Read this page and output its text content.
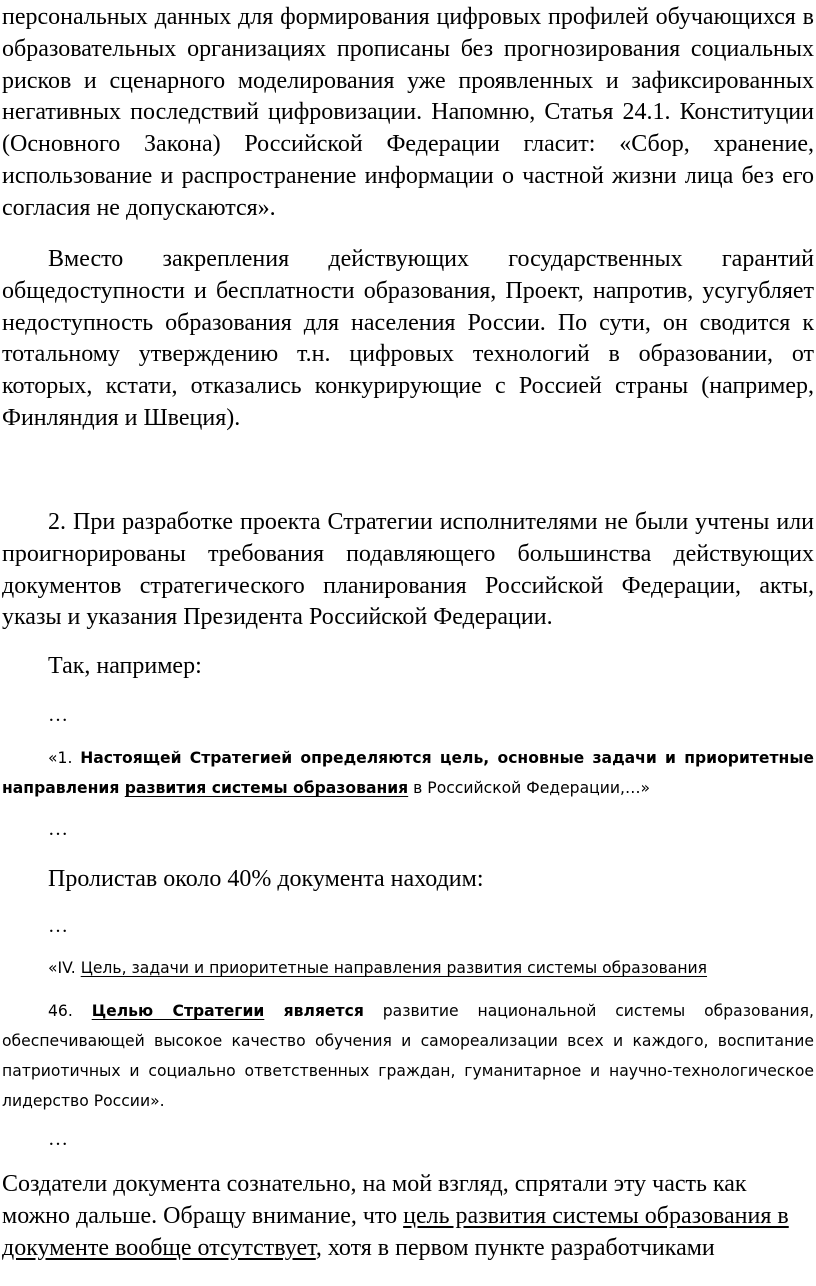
персональных данных для формирования цифровых профилей обучающихся в образовательных организациях прописаны без прогнозирования социальных рисков и сценарного моделирования уже проявленных и зафиксированных негативных последствий цифровизации. Напомню, Статья 24.1. Конституции (Основного Закона) Российской Федерации гласит: «Сбор, хранение, использование и распространение информации о частной жизни лица без его согласия не допускаются».

Вместо закрепления действующих государственных гарантий общедоступности и бесплатности образования, Проект, напротив, усугубляет недоступность образования для населения России. По сути, он сводится к тотальному утверждению т.н. цифровых технологий в образовании, от которых, кстати, отказались конкурирующие с Россией страны (например, Финляндия и Швеция).

2. При разработке проекта Стратегии исполнителями не были учтены или проигнорированы требования подавляющего большинства действующих документов стратегического планирования Российской Федерации, акты, указы и указания Президента Российской Федерации.

Так, например:

…

«1. Настоящей Стратегией определяются цель, основные задачи и приоритетные направления развития системы образования в Российской Федерации,…»

…

Пролистав около 40% документа находим:

…

«IV. Цель, задачи и приоритетные направления развития системы образования

46. Целью Стратегии является развитие национальной системы образования, обеспечивающей высокое качество обучения и самореализации всех и каждого, воспитание патриотичных и социально ответственных граждан, гуманитарное и научно-технологическое лидерство России».

…

Создатели документа сознательно, на мой взгляд, спрятали эту часть как можно дальше. Обращу внимание, что цель развития системы образования в документе вообще отсутствует, хотя в первом пункте разработчиками
